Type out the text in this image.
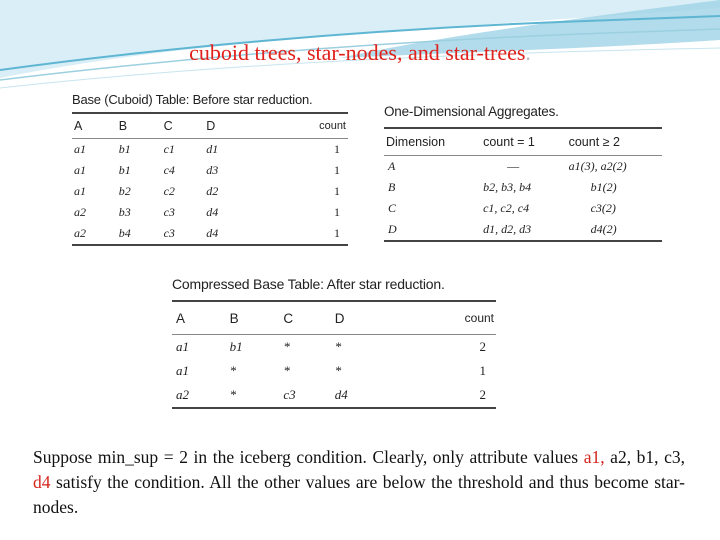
cuboid trees, star-nodes, and star-trees.
Base (Cuboid) Table: Before star reduction.
A	B	C	D	count
a1	b1	c1	d1	1
a1	b1	c4	d3	1
a1	b2	c2	d2	1
a2	b3	c3	d4	1
a2	b4	c3	d4	1
One-Dimensional Aggregates.
Dimension	count = 1	count ≥ 2
A	—	a1(3), a2(2)
B	b2, b3, b4	b1(2)
C	c1, c2, c4	c3(2)
D	d1, d2, d3	d4(2)
Compressed Base Table: After star reduction.
A	B	C	D	count
a1	b1	*	*	2
a1	*	*	*	1
a2	*	c3	d4	2

Suppose min_sup = 2 in the iceberg condition. Clearly, only attribute values a1, a2, b1, c3, d4 satisfy the condition. All the other values are below the threshold and thus become star-nodes.
